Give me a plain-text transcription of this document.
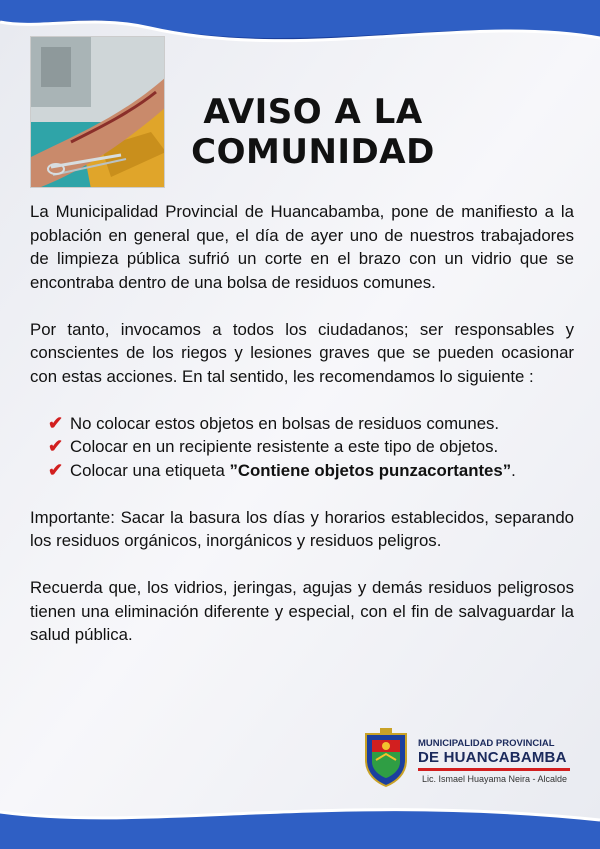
AVISO A LA
COMUNIDAD

La Municipalidad Provincial de Huancabamba, pone de manifiesto a la población en general que, el día de ayer uno de nuestros trabajadores de limpieza pública sufrió un corte en el brazo con un vidrio que se encontraba dentro de una bolsa de residuos comunes.

Por tanto, invocamos a todos los ciudadanos; ser responsables y conscientes de los riegos y lesiones graves que se pueden ocasionar con estas acciones. En tal sentido, les recomendamos lo siguiente :

✔ No colocar estos objetos en bolsas de residuos comunes.
✔ Colocar en un recipiente resistente a este tipo de objetos.
✔ Colocar una etiqueta ”Contiene objetos punzacortantes”.

Importante: Sacar la basura los días y horarios establecidos, separando los residuos orgánicos, inorgánicos y residuos peligros.

Recuerda que, los vidrios, jeringas, agujas y demás residuos peligrosos tienen una eliminación diferente y especial, con el fin de salvaguardar la salud pública.

MUNICIPALIDAD PROVINCIAL
DE HUANCABAMBA
Lic. Ismael Huayama Neira - Alcalde
